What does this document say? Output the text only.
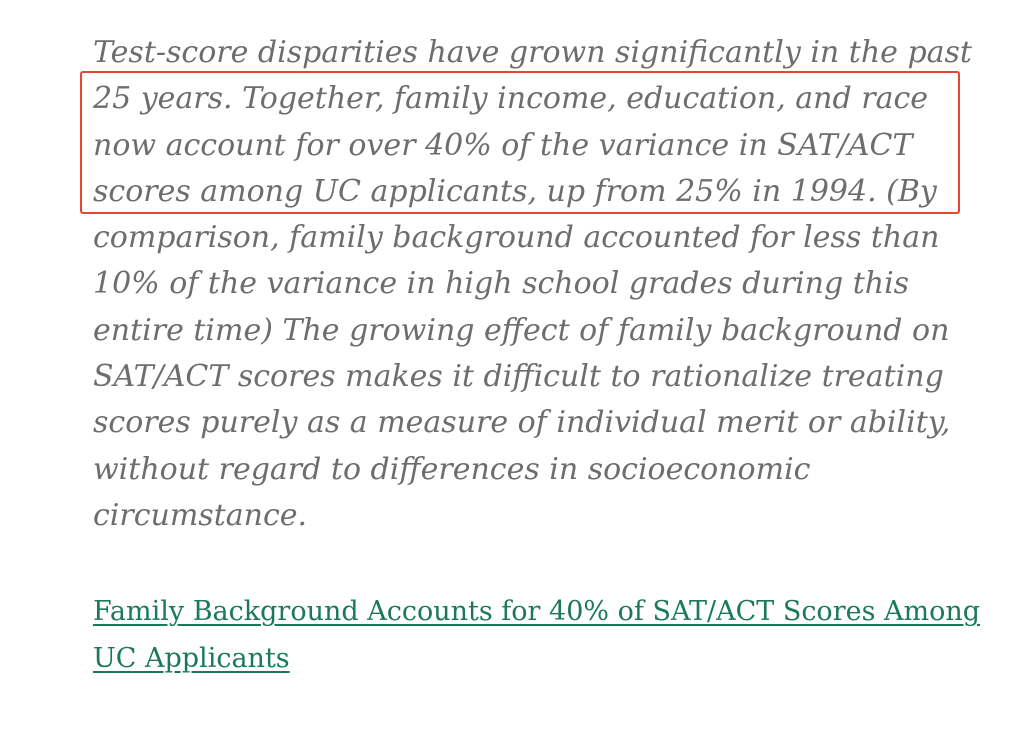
Test-score disparities have grown significantly in the past
25 years. Together, family income, education, and race
now account for over 40% of the variance in SAT/ACT
scores among UC applicants, up from 25% in 1994. (By
comparison, family background accounted for less than
10% of the variance in high school grades during this
entire time) The growing effect of family background on
SAT/ACT scores makes it difficult to rationalize treating
scores purely as a measure of individual merit or ability,
without regard to differences in socioeconomic
circumstance.
Family Background Accounts for 40% of SAT/ACT Scores Among
UC Applicants
